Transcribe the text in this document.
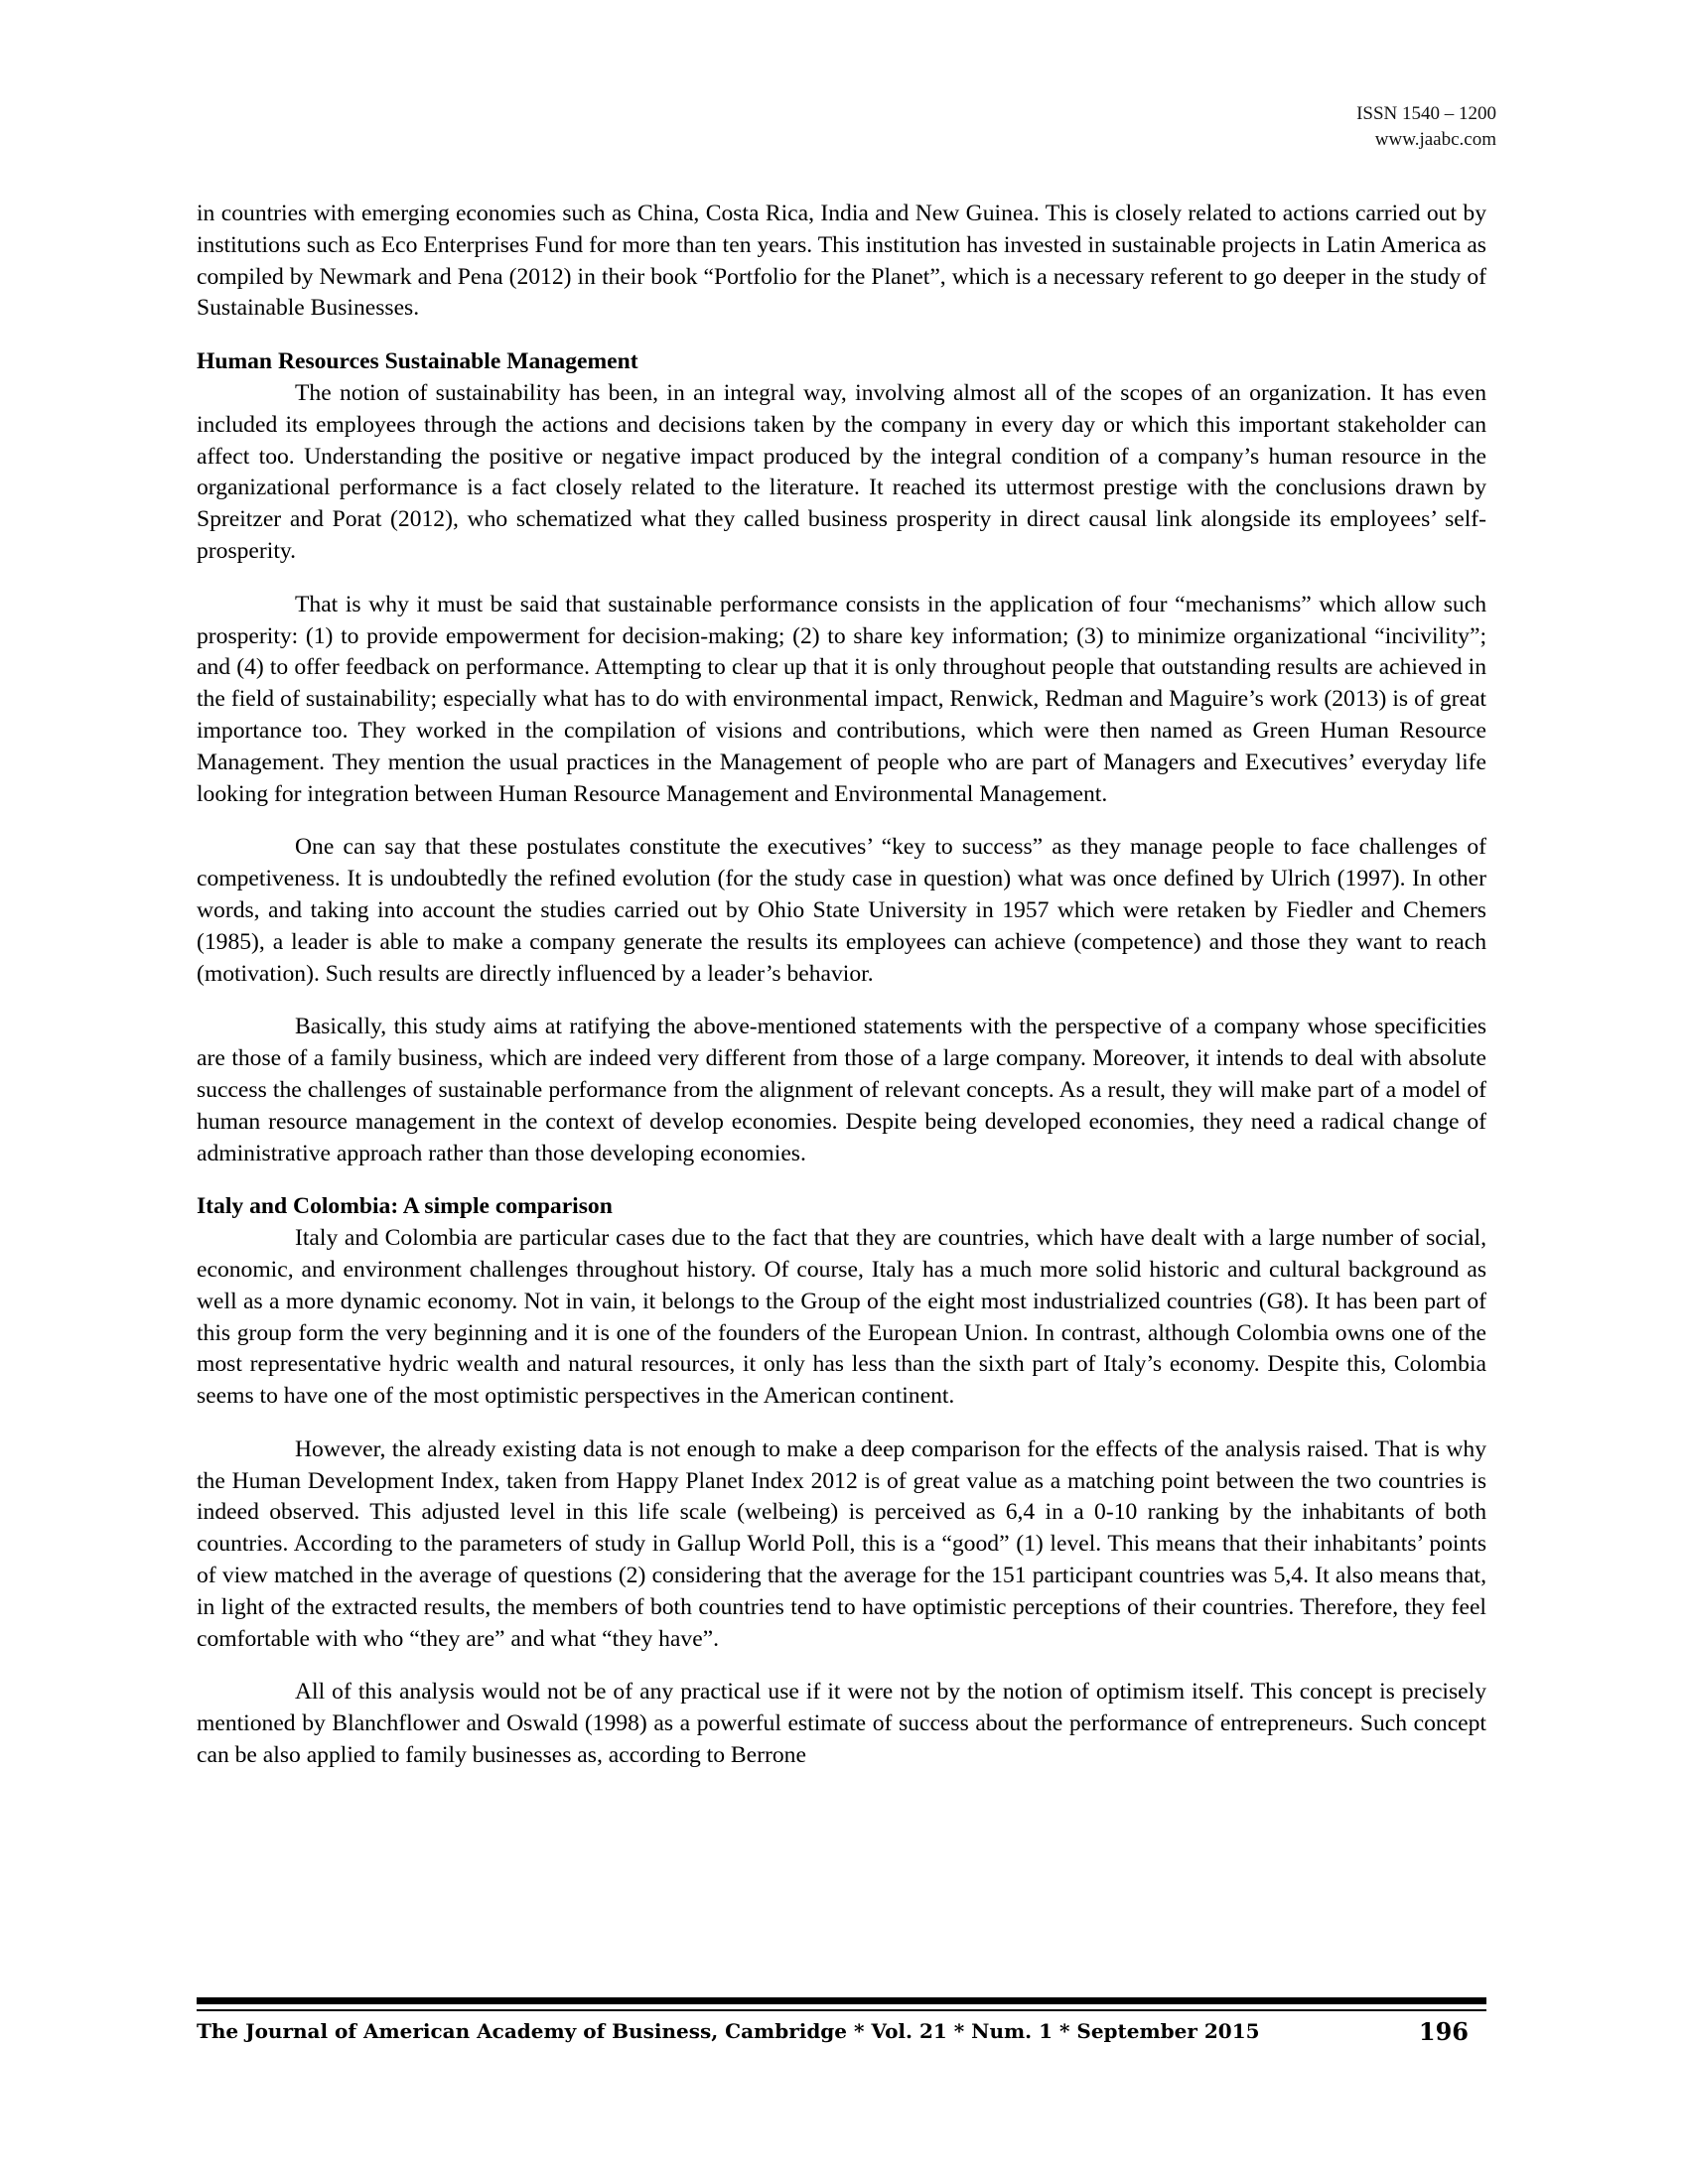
ISSN 1540 – 1200
www.jaabc.com

in countries with emerging economies such as China, Costa Rica, India and New Guinea. This is closely related to actions carried out by institutions such as Eco Enterprises Fund for more than ten years. This institution has invested in sustainable projects in Latin America as compiled by Newmark and Pena (2012) in their book “Portfolio for the Planet”, which is a necessary referent to go deeper in the study of Sustainable Businesses.

Human Resources Sustainable Management

The notion of sustainability has been, in an integral way, involving almost all of the scopes of an organization. It has even included its employees through the actions and decisions taken by the company in every day or which this important stakeholder can affect too. Understanding the positive or negative impact produced by the integral condition of a company’s human resource in the organizational performance is a fact closely related to the literature. It reached its uttermost prestige with the conclusions drawn by Spreitzer and Porat (2012), who schematized what they called business prosperity in direct causal link alongside its employees’ self-prosperity.

That is why it must be said that sustainable performance consists in the application of four “mechanisms” which allow such prosperity: (1) to provide empowerment for decision-making; (2) to share key information; (3) to minimize organizational “incivility”; and (4) to offer feedback on performance. Attempting to clear up that it is only throughout people that outstanding results are achieved in the field of sustainability; especially what has to do with environmental impact, Renwick, Redman and Maguire’s work (2013) is of great importance too. They worked in the compilation of visions and contributions, which were then named as Green Human Resource Management. They mention the usual practices in the Management of people who are part of Managers and Executives’ everyday life looking for integration between Human Resource Management and Environmental Management.

One can say that these postulates constitute the executives’ “key to success” as they manage people to face challenges of competiveness. It is undoubtedly the refined evolution (for the study case in question) what was once defined by Ulrich (1997). In other words, and taking into account the studies carried out by Ohio State University in 1957 which were retaken by Fiedler and Chemers (1985), a leader is able to make a company generate the results its employees can achieve (competence) and those they want to reach (motivation). Such results are directly influenced by a leader’s behavior.

Basically, this study aims at ratifying the above-mentioned statements with the perspective of a company whose specificities are those of a family business, which are indeed very different from those of a large company. Moreover, it intends to deal with absolute success the challenges of sustainable performance from the alignment of relevant concepts. As a result, they will make part of a model of human resource management in the context of develop economies. Despite being developed economies, they need a radical change of administrative approach rather than those developing economies.

Italy and Colombia: A simple comparison

Italy and Colombia are particular cases due to the fact that they are countries, which have dealt with a large number of social, economic, and environment challenges throughout history. Of course, Italy has a much more solid historic and cultural background as well as a more dynamic economy. Not in vain, it belongs to the Group of the eight most industrialized countries (G8). It has been part of this group form the very beginning and it is one of the founders of the European Union. In contrast, although Colombia owns one of the most representative hydric wealth and natural resources, it only has less than the sixth part of Italy’s economy. Despite this, Colombia seems to have one of the most optimistic perspectives in the American continent.

However, the already existing data is not enough to make a deep comparison for the effects of the analysis raised. That is why the Human Development Index, taken from Happy Planet Index 2012 is of great value as a matching point between the two countries is indeed observed. This adjusted level in this life scale (welbeing) is perceived as 6,4 in a 0-10 ranking by the inhabitants of both countries. According to the parameters of study in Gallup World Poll, this is a “good” (1) level. This means that their inhabitants’ points of view matched in the average of questions (2) considering that the average for the 151 participant countries was 5,4. It also means that, in light of the extracted results, the members of both countries tend to have optimistic perceptions of their countries. Therefore, they feel comfortable with who “they are” and what “they have”.

All of this analysis would not be of any practical use if it were not by the notion of optimism itself. This concept is precisely mentioned by Blanchflower and Oswald (1998) as a powerful estimate of success about the performance of entrepreneurs. Such concept can be also applied to family businesses as, according to Berrone

The Journal of American Academy of Business, Cambridge * Vol. 21 * Num. 1 * September 2015	196
